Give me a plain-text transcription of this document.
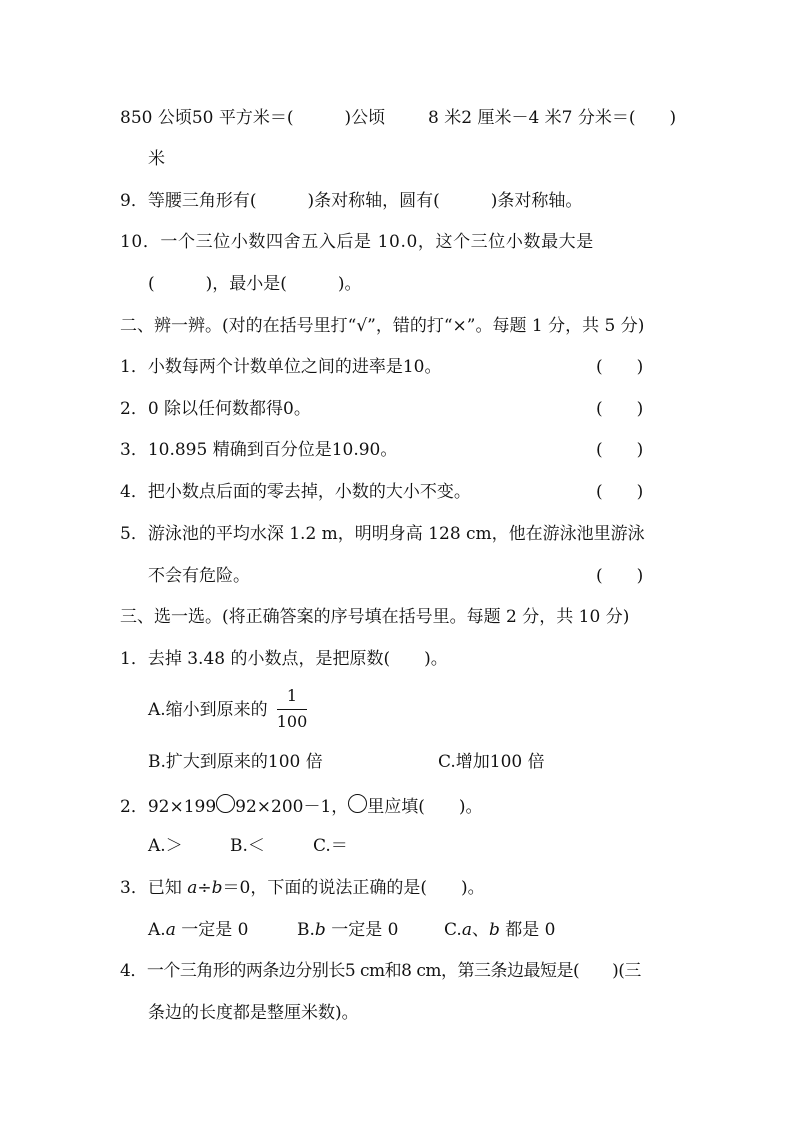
850 公顷50 平方米＝(　　　)公顷	8 米2 厘米－4 米7 分米＝(　　)
米
9．等腰三角形有(　　　)条对称轴，圆有(　　　)条对称轴。
10．一个三位小数四舍五入后是 10.0，这个三位小数最大是
(　　　)，最小是(　　　)。
二、辨一辨。(对的在括号里打“√”，错的打“×”。每题 1 分，共 5 分)
1．小数每两个计数单位之间的进率是10。	(　　)
2．0 除以任何数都得0。	(　　)
3．10.895 精确到百分位是10.90。	(　　)
4．把小数点后面的零去掉，小数的大小不变。	(　　)
5．游泳池的平均水深 1.2 m，明明身高 128 cm，他在游泳池里游泳
不会有危险。	(　　)
三、选一选。(将正确答案的序号填在括号里。每题 2 分，共 10 分)
1．去掉 3.48 的小数点，是把原数(　　)。
A.缩小到原来的
1
100
B.扩大到原来的100 倍	C.增加100 倍
2．92×199 92×200－1， 里应填(　　)。
A.＞	B.＜	C.＝
3．已知 a÷b＝0，下面的说法正确的是(　　)。
A.a 一定是 0	B.b 一定是 0	C.a、b 都是 0
4．一个三角形的两条边分别长5 cm和8 cm，第三条边最短是(　　)(三
条边的长度都是整厘米数)。
